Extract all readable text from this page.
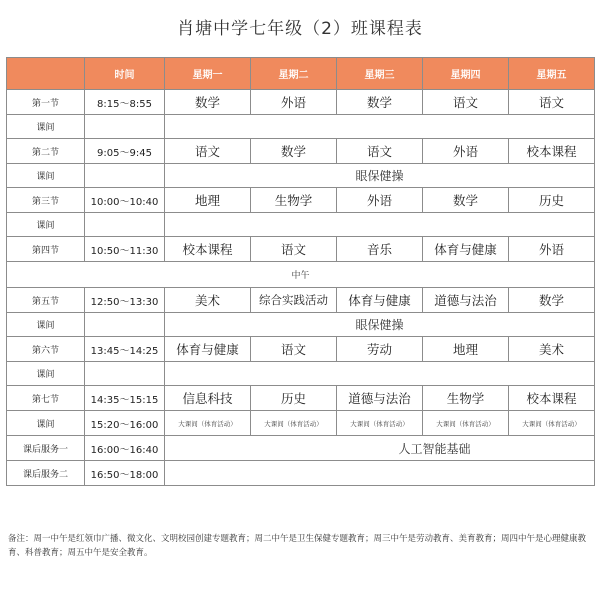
肖塘中学七年级（2）班课程表
	时间	星期一	星期二	星期三	星期四	星期五
第一节	8:15～8:55	数学	外语	数学	语文	语文
课间						
第二节	9:05～9:45	语文	数学	语文	外语	校本课程
课间		眼保健操				
第三节	10:00～10:40	地理	生物学	外语	数学	历史
课间						
第四节	10:50～11:30	校本课程	语文	音乐	体育与健康	外语
中午						
第五节	12:50～13:30	美术	综合实践活动	体育与健康	道德与法治	数学
课间		眼保健操				
第六节	13:45～14:25	体育与健康	语文	劳动	地理	美术
课间						
第七节	14:35～15:15	信息科技	历史	道德与法治	生物学	校本课程
课间	15:20～16:00	大课间（体育活动）	大课间（体育活动）	大课间（体育活动）	大课间（体育活动）	大课间（体育活动）
课后服务一	16:00～16:40	人工智能基础				
课后服务二	16:50～18:00					
备注：周一中午是红领巾广播、微文化、文明校园创建专题教育；周二中午是卫生保健专题教育；周三中午是劳动教育、美育教育；周四中午是心理健康教育、科普教育；周五中午是安全教育。
